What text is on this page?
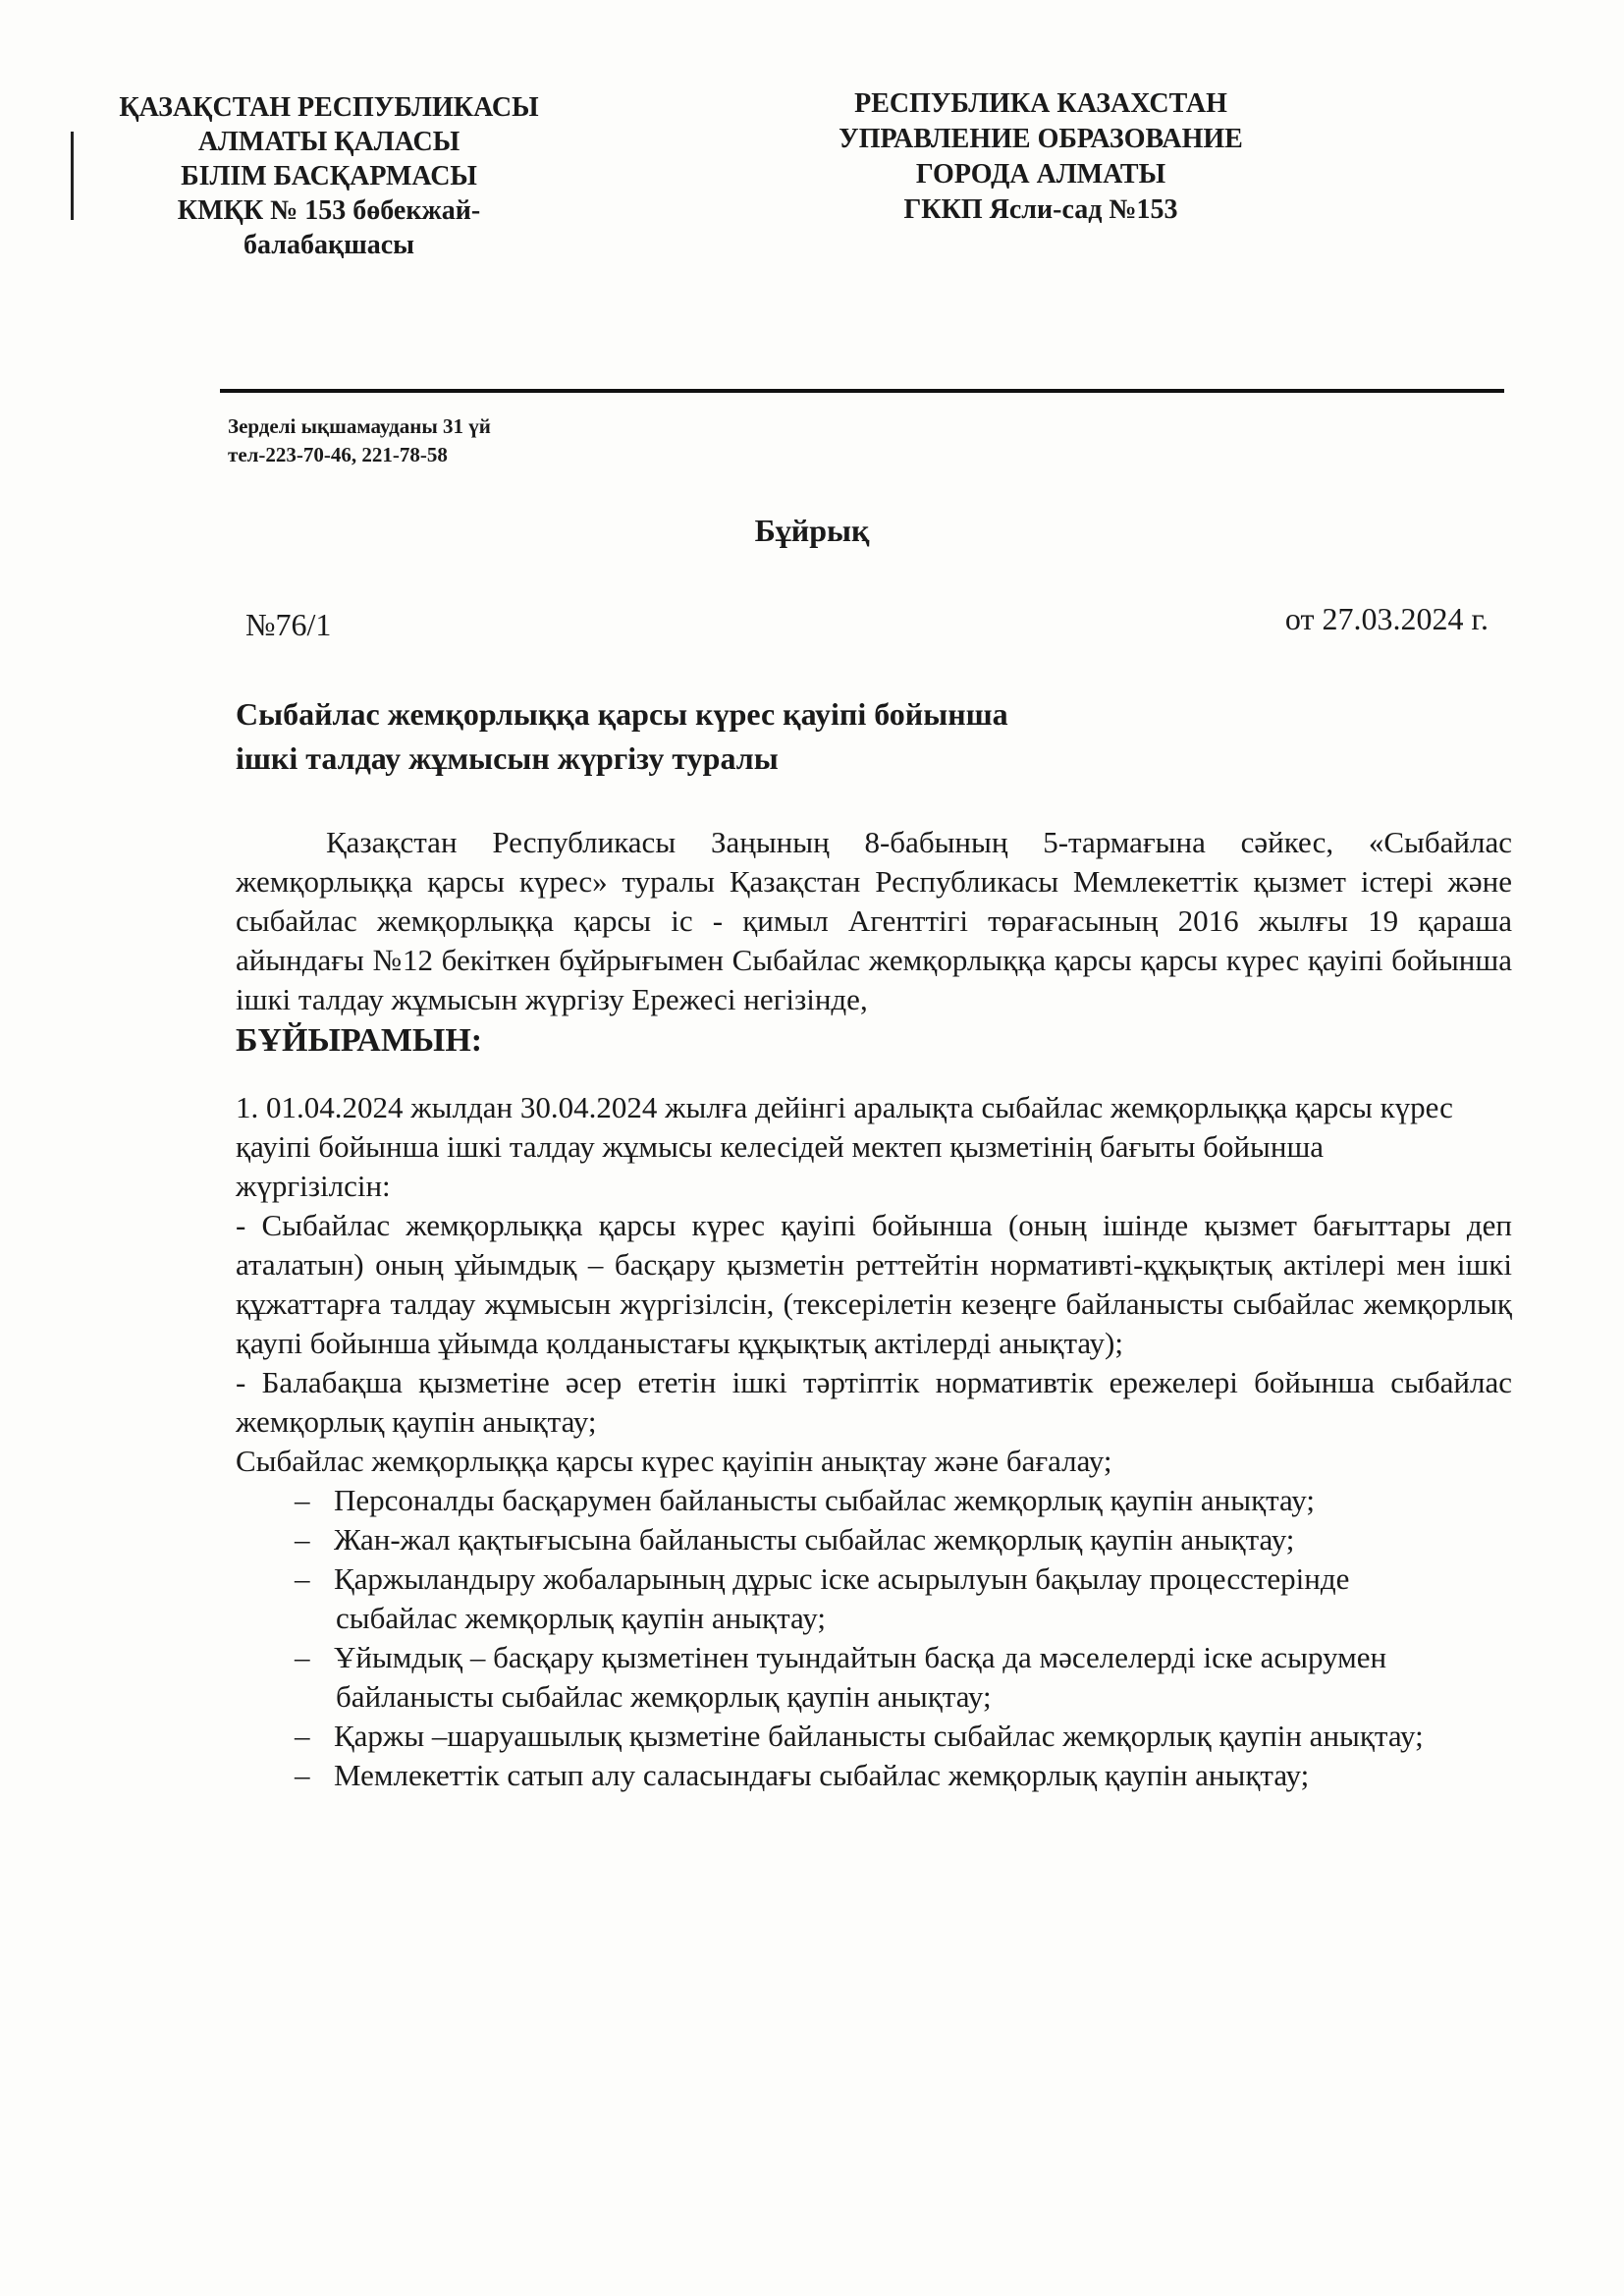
ҚАЗАҚСТАН РЕСПУБЛИКАСЫ
АЛМАТЫ ҚАЛАСЫ
БІЛІМ БАСҚАРМАСЫ
КМҚК № 153 бөбекжай-
балабақшасы
РЕСПУБЛИКА КАЗАХСТАН
УПРАВЛЕНИЕ ОБРАЗОВАНИЕ
ГОРОДА АЛМАТЫ
ГККП Ясли-сад №153
Зерделі ықшамауданы 31 үй
тел-223-70-46, 221-78-58
Бұйрық
№76/1	от 27.03.2024 г.
Сыбайлас жемқорлыққа қарсы күрес қауіпі бойынша
ішкі талдау жұмысын жүргізу туралы

Қазақстан Республикасы Заңының 8-бабының 5-тармағына сәйкес, «Сыбайлас жемқорлыққа қарсы күрес» туралы Қазақстан Республикасы Мемлекеттік қызмет істері және сыбайлас жемқорлыққа қарсы іс - қимыл Агенттігі төрағасының 2016 жылғы 19 қараша айындағы №12 бекіткен бұйрығымен Сыбайлас жемқорлыққа қарсы қарсы күрес қауіпі бойынша ішкі талдау жұмысын жүргізу Ережесі негізінде,

БҰЙЫРАМЫН:

1. 01.04.2024 жылдан 30.04.2024 жылға дейінгі аралықта сыбайлас жемқорлыққа қарсы күрес қауіпі бойынша ішкі талдау жұмысы келесідей мектеп қызметінің бағыты бойынша жүргізілсін:

- Сыбайлас жемқорлыққа қарсы күрес қауіпі бойынша (оның ішінде қызмет бағыттары деп аталатын) оның ұйымдық – басқару қызметін реттейтін нормативті-құқықтық актілері мен ішкі құжаттарға талдау жұмысын жүргізілсін, (тексерілетін кезеңге байланысты сыбайлас жемқорлық қаупі бойынша ұйымда қолданыстағы құқықтық актілерді анықтау);

- Балабақша қызметіне әсер ететін ішкі тәртіптік нормативтік ережелері бойынша сыбайлас жемқорлық қаупін анықтау;

Сыбайлас жемқорлыққа қарсы күрес қауіпін анықтау және бағалау;

– Персоналды басқарумен байланысты сыбайлас жемқорлық қаупін анықтау;
– Жан-жал қақтығысына байланысты сыбайлас жемқорлық қаупін анықтау;
– Қаржыландыру жобаларының дұрыс іске асырылуын бақылау процесстерінде сыбайлас жемқорлық қаупін анықтау;
– Ұйымдық – басқару қызметінен туындайтын басқа да мәселелерді іске асырумен байланысты сыбайлас жемқорлық қаупін анықтау;
– Қаржы –шаруашылық қызметіне байланысты сыбайлас жемқорлық қаупін анықтау;
– Мемлекеттік сатып алу саласындағы сыбайлас жемқорлық қаупін анықтау;
